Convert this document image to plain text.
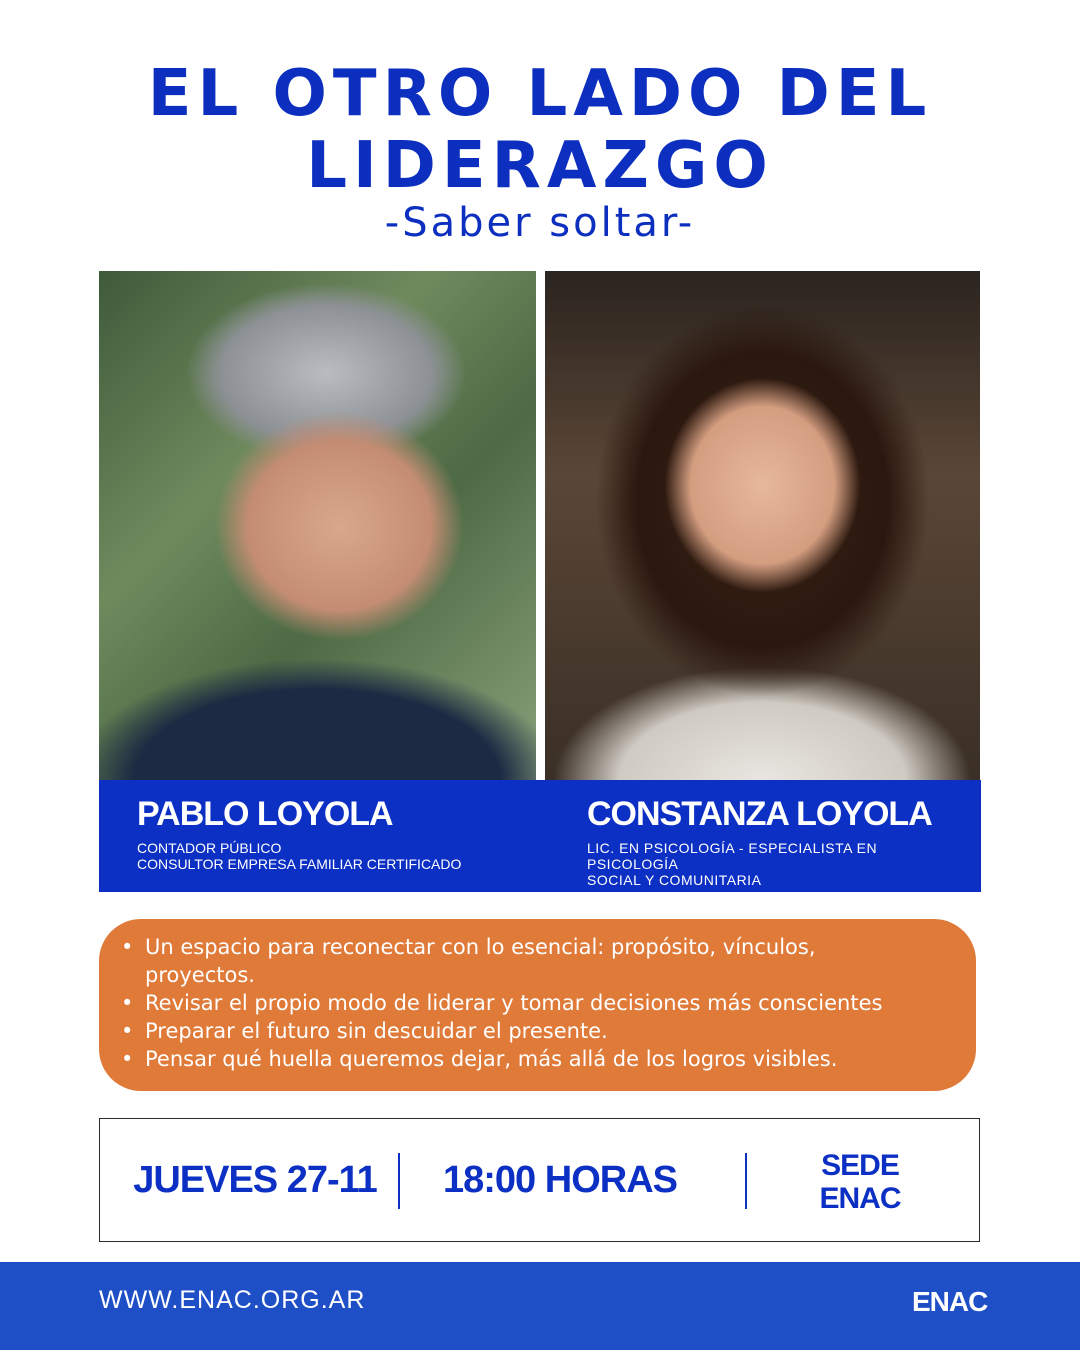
EL OTRO LADO DEL
LIDERAZGO
-Saber soltar-
PABLO LOYOLA
CONTADOR PÚBLICO
CONSULTOR EMPRESA FAMILIAR CERTIFICADO
CONSTANZA LOYOLA
LIC. EN PSICOLOGÍA - ESPECIALISTA EN PSICOLOGÍA
SOCIAL Y COMUNITARIA
• Un espacio para reconectar con lo esencial: propósito, vínculos, proyectos.
• Revisar el propio modo de liderar y tomar decisiones más conscientes
• Preparar el futuro sin descuidar el presente.
• Pensar qué huella queremos dejar, más allá de los logros visibles.
JUEVES 27-11	18:00 HORAS	SEDE
ENAC
WWW.ENAC.ORG.AR	ENAC
